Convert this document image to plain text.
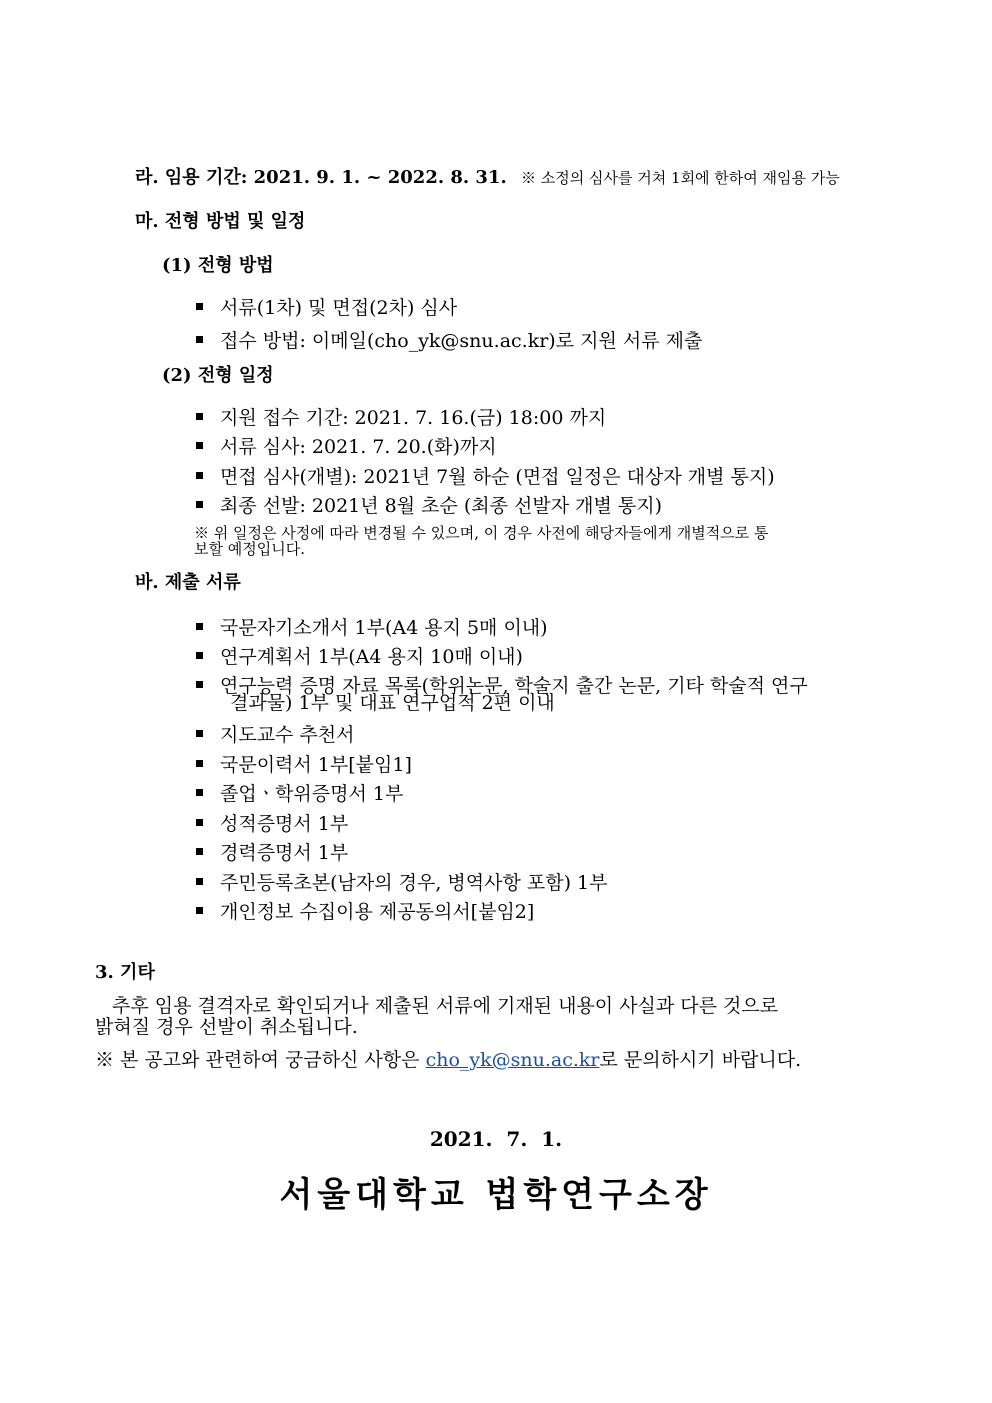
라. 임용 기간: 2021. 9. 1. ~ 2022. 8. 31. ※ 소정의 심사를 거쳐 1회에 한하여 재임용 가능
마. 전형 방법 및 일정
(1) 전형 방법
서류(1차) 및 면접(2차) 심사
접수 방법: 이메일(cho_yk@snu.ac.kr)로 지원 서류 제출
(2) 전형 일정
지원 접수 기간: 2021. 7. 16.(금) 18:00 까지
서류 심사: 2021. 7. 20.(화)까지
면접 심사(개별): 2021년 7월 하순 (면접 일정은 대상자 개별 통지)
최종 선발: 2021년 8월 초순 (최종 선발자 개별 통지)
※ 위 일정은 사정에 따라 변경될 수 있으며, 이 경우 사전에 해당자들에게 개별적으로 통
보할 예정입니다.
바. 제출 서류
국문자기소개서 1부(A4 용지 5매 이내)
연구계획서 1부(A4 용지 10매 이내)
연구능력 증명 자료 목록(학위논문, 학술지 출간 논문, 기타 학술적 연구
결과물) 1부 및 대표 연구업적 2편 이내
지도교수 추천서
국문이력서 1부[붙임1]
졸업ㆍ학위증명서 1부
성적증명서 1부
경력증명서 1부
주민등록초본(남자의 경우, 병역사항 포함) 1부
개인정보 수집이용 제공동의서[붙임2]
3. 기타
추후 임용 결격자로 확인되거나 제출된 서류에 기재된 내용이 사실과 다른 것으로
밝혀질 경우 선발이 취소됩니다.
※ 본 공고와 관련하여 궁금하신 사항은 cho_yk@snu.ac.kr로 문의하시기 바랍니다.
2021.  7.  1.
서울대학교 법학연구소장
